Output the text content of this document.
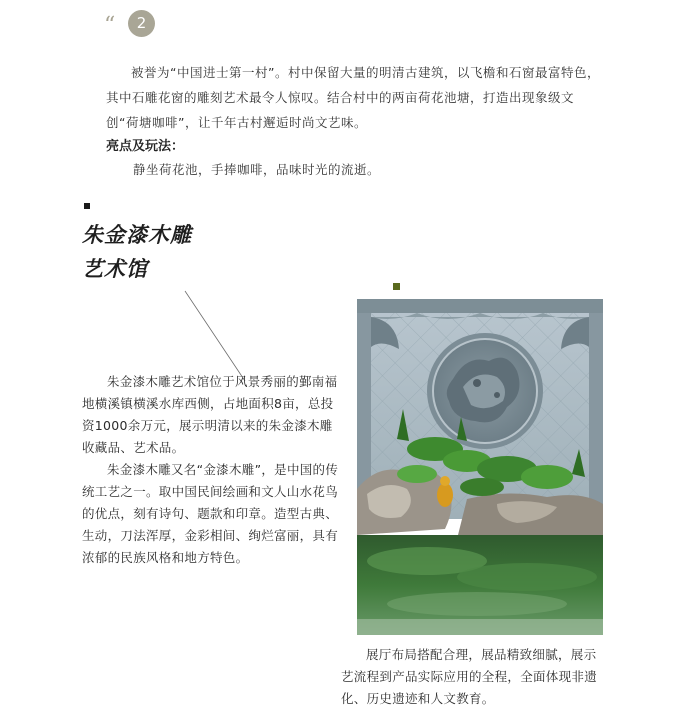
“	2

被誉为“中国进士第一村”。村中保留大量的明清古建筑，以飞檐和石窗最富特色，其中石雕花窗的雕刻艺术最令人惊叹。结合村中的两亩荷花池塘，打造出现象级文创“荷塘咖啡”，让千年古村邂逅时尚文艺味。

亮点及玩法：
静坐荷花池，手捧咖啡，品味时光的流逝。
朱金漆木雕
艺术馆

朱金漆木雕艺术馆位于风景秀丽的鄞南福地横溪镇横溪水库西侧，占地面积8亩，总投资1000余万元，展示明清以来的朱金漆木雕收藏品、艺术品。

朱金漆木雕又名“金漆木雕”，是中国的传统工艺之一。取中国民间绘画和文人山水花鸟的优点，刻有诗句、题款和印章。造型古典、生动，刀法浑厚，金彩相间、绚烂富丽，具有浓郁的民族风格和地方特色。

展厅布局搭配合理，展品精致细腻，展示
艺流程到产品实际应用的全程，全面体现非遗
化、历史遗迹和人文教育。
